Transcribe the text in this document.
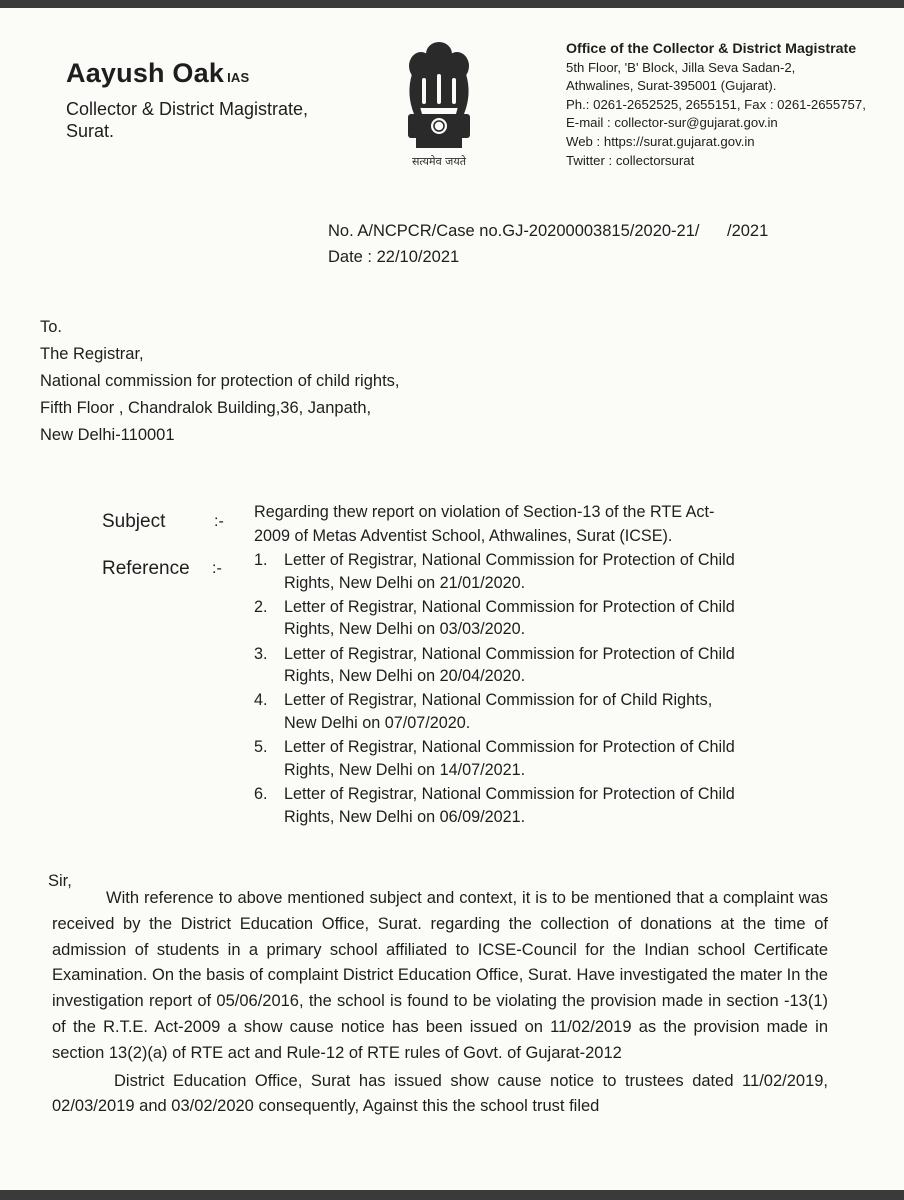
Aayush Oak IAS
Collector & District Magistrate,
Surat.
सत्यमेव जयते
Office of the Collector & District Magistrate
5th Floor, 'B' Block, Jilla Seva Sadan-2,
Athwalines, Surat-395001 (Gujarat).
Ph.: 0261-2652525, 2655151, Fax : 0261-2655757,
E-mail : collector-sur@gujarat.gov.in
Web : https://surat.gujarat.gov.in
Twitter : collectorsurat
No. A/NCPCR/Case no.GJ-20200003815/2020-21/      /2021
Date : 22/10/2021
To.
The Registrar,
National commission for protection of child rights,
Fifth Floor , Chandralok Building,36, Janpath,
New Delhi-110001
Subject	:-
Regarding thew report on violation of Section-13 of the RTE Act-
2009 of Metas Adventist School, Athwalines, Surat (ICSE).
Reference :- 1. Letter of Registrar, National Commission for Protection of Child
Rights, New Delhi on 21/01/2020.
2. Letter of Registrar, National Commission for Protection of Child
Rights, New Delhi on 03/03/2020.
3. Letter of Registrar, National Commission for Protection of Child
Rights, New Delhi on 20/04/2020.
4. Letter of Registrar, National Commission for of Child Rights,
New Delhi on 07/07/2020.
5. Letter of Registrar, National Commission for Protection of Child
Rights, New Delhi on 14/07/2021.
6. Letter of Registrar, National Commission for Protection of Child
Rights, New Delhi on 06/09/2021.
Sir,

With reference to above mentioned subject and context, it is to be mentioned that a complaint was received by the District Education Office, Surat. regarding the collection of donations at the time of admission of students in a primary school affiliated to ICSE-Council for the Indian school Certificate Examination. On the basis of complaint District Education Office, Surat. Have investigated the mater In the investigation report of 05/06/2016, the school is found to be violating the provision made in section -13(1) of the R.T.E. Act-2009 a show cause notice has been issued on 11/02/2019 as the provision made in section 13(2)(a) of RTE act and Rule-12 of RTE rules of Govt. of Gujarat-2012

District Education Office, Surat has issued show cause notice to trustees dated 11/02/2019, 02/03/2019 and 03/02/2020 consequently, Against this the school trust filed
